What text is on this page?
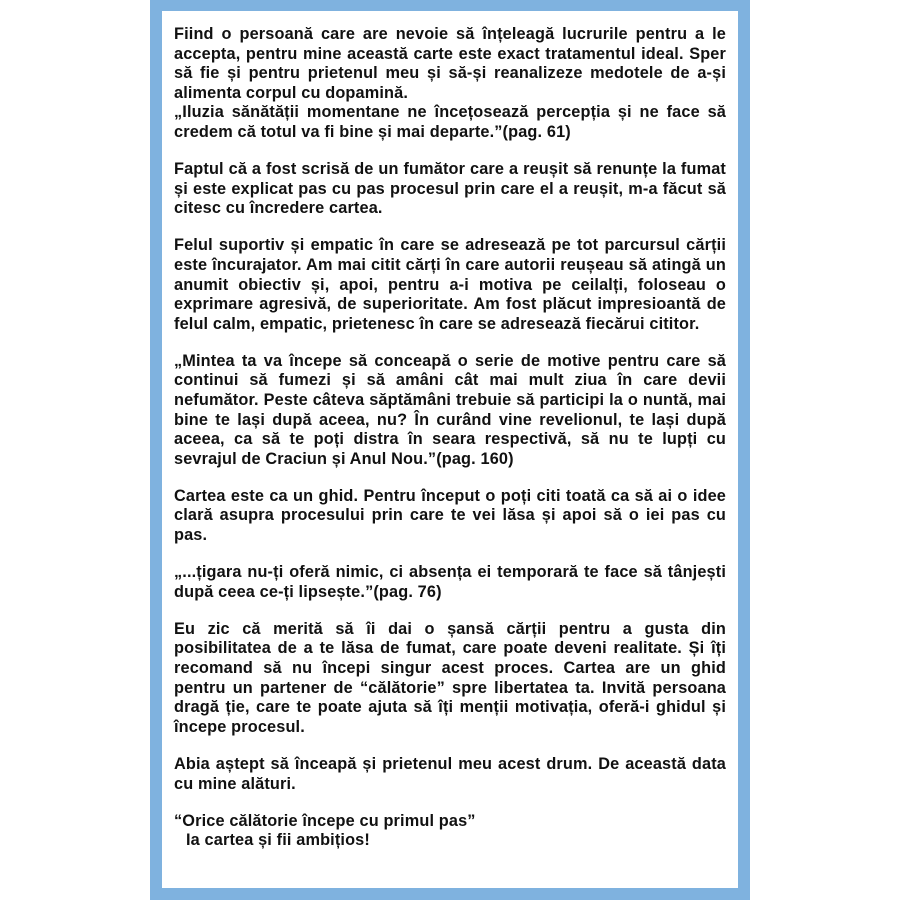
Fiind o persoană care are nevoie să înțeleagă lucrurile pentru a le accepta, pentru mine această carte este exact tratamentul ideal. Sper să fie și pentru prietenul meu și să-și reanalizeze medotele de a-și alimenta corpul cu dopamină.

„Iluzia sănătății momentane ne încețosează percepția și ne face să credem că totul va fi bine și mai departe.”(pag. 61)

Faptul că a fost scrisă de un fumător care a reușit să renunțe la fumat și este explicat pas cu pas procesul prin care el a reușit, m-a făcut să citesc cu încredere cartea.

Felul suportiv și empatic în care se adresează pe tot parcursul cărții este încurajator. Am mai citit cărți în care autorii reușeau să atingă un anumit obiectiv și, apoi, pentru a-i motiva pe ceilalți, foloseau o exprimare agresivă, de superioritate. Am fost plăcut impresioantă de felul calm, empatic, prietenesc în care se adresează fiecărui cititor.

„Mintea ta va începe să conceapă o serie de motive pentru care să continui să fumezi și să amâni cât mai mult ziua în care devii nefumător. Peste câteva săptămâni trebuie să participi la o nuntă, mai bine te lași după aceea, nu? În curând vine revelionul, te lași după aceea, ca să te poți distra în seara respectivă, să nu te lupți cu sevrajul de Craciun și Anul Nou.”(pag. 160)

Cartea este ca un ghid. Pentru început o poți citi toată ca să ai o idee clară asupra procesului prin care te vei lăsa și apoi să o iei pas cu pas.

„...țigara nu-ți oferă nimic, ci absența ei temporară te face să tânjești după ceea ce-ți lipsește.”(pag. 76)

Eu zic că merită să îi dai o șansă cărții pentru a gusta din posibilitatea de a te lăsa de fumat, care poate deveni realitate. Și îți recomand să nu începi singur acest proces. Cartea are un ghid pentru un partener de “călătorie” spre libertatea ta. Invită persoana dragă ție, care te poate ajuta să îți menții motivația, oferă-i ghidul și începe procesul.

Abia aștept să înceapă și prietenul meu acest drum. De această data cu mine alături.

“Orice călătorie începe cu primul pas”
Ia cartea și fii ambițios!
